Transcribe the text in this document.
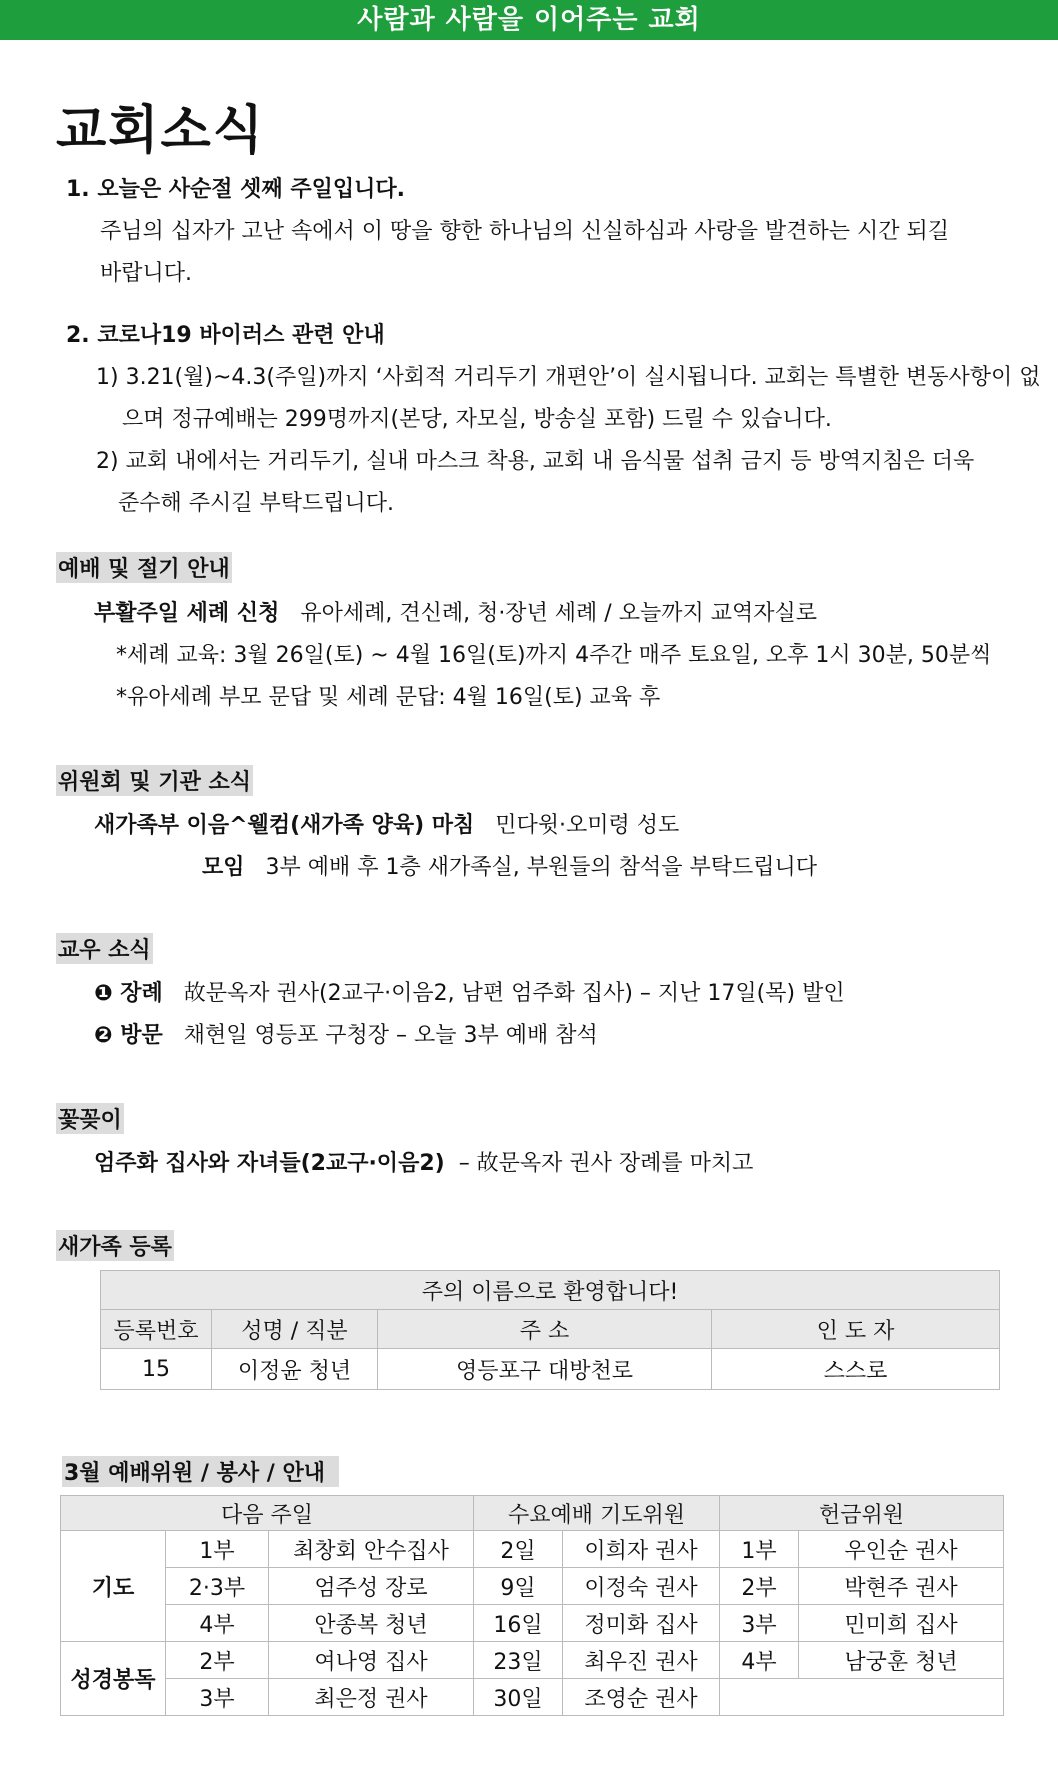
사람과 사람을 이어주는 교회
교회소식
1. 오늘은 사순절 셋째 주일입니다.
주님의 십자가 고난 속에서 이 땅을 향한 하나님의 신실하심과 사랑을 발견하는 시간 되길
바랍니다.
2. 코로나19 바이러스 관련 안내
1) 3.21(월)~4.3(주일)까지 ‘사회적 거리두기 개편안’이 실시됩니다. 교회는 특별한 변동사항이 없
으며 정규예배는 299명까지(본당, 자모실, 방송실 포함) 드릴 수 있습니다.
2) 교회 내에서는 거리두기, 실내 마스크 착용, 교회 내 음식물 섭취 금지 등 방역지침은 더욱
준수해 주시길 부탁드립니다.
예배 및 절기 안내
부활주일 세례 신청 유아세례, 견신례, 청·장년 세례 / 오늘까지 교역자실로
*세례 교육: 3월 26일(토) ~ 4월 16일(토)까지 4주간 매주 토요일, 오후 1시 30분, 50분씩
*유아세례 부모 문답 및 세례 문답: 4월 16일(토) 교육 후
위원회 및 기관 소식
새가족부 이음^웰컴(새가족 양육) 마침 민다윗·오미령 성도
모임 3부 예배 후 1층 새가족실, 부원들의 참석을 부탁드립니다
교우 소식
❶ 장례 故문옥자 권사(2교구·이음2, 남편 엄주화 집사) – 지난 17일(목) 발인
❷ 방문 채현일 영등포 구청장 – 오늘 3부 예배 참석
꽃꽂이
엄주화 집사와 자녀들(2교구·이음2) – 故문옥자 권사 장례를 마치고
새가족 등록
주의 이름으로 환영합니다!			
등록번호	성명 / 직분	주 소	인 도 자
15	이정윤 청년	영등포구 대방천로	스스로
3월 예배위원 / 봉사 / 안내
다음 주일			수요예배 기도위원		헌금위원	
기도	1부	최창회 안수집사	2일	이희자 권사	1부	우인순 권사
	2·3부	엄주성 장로	9일	이정숙 권사	2부	박현주 권사
	4부	안종복 청년	16일	정미화 집사	3부	민미희 집사
성경봉독	2부	여나영 집사	23일	최우진 권사	4부	남궁훈 청년
	3부	최은정 권사	30일	조영순 권사		
